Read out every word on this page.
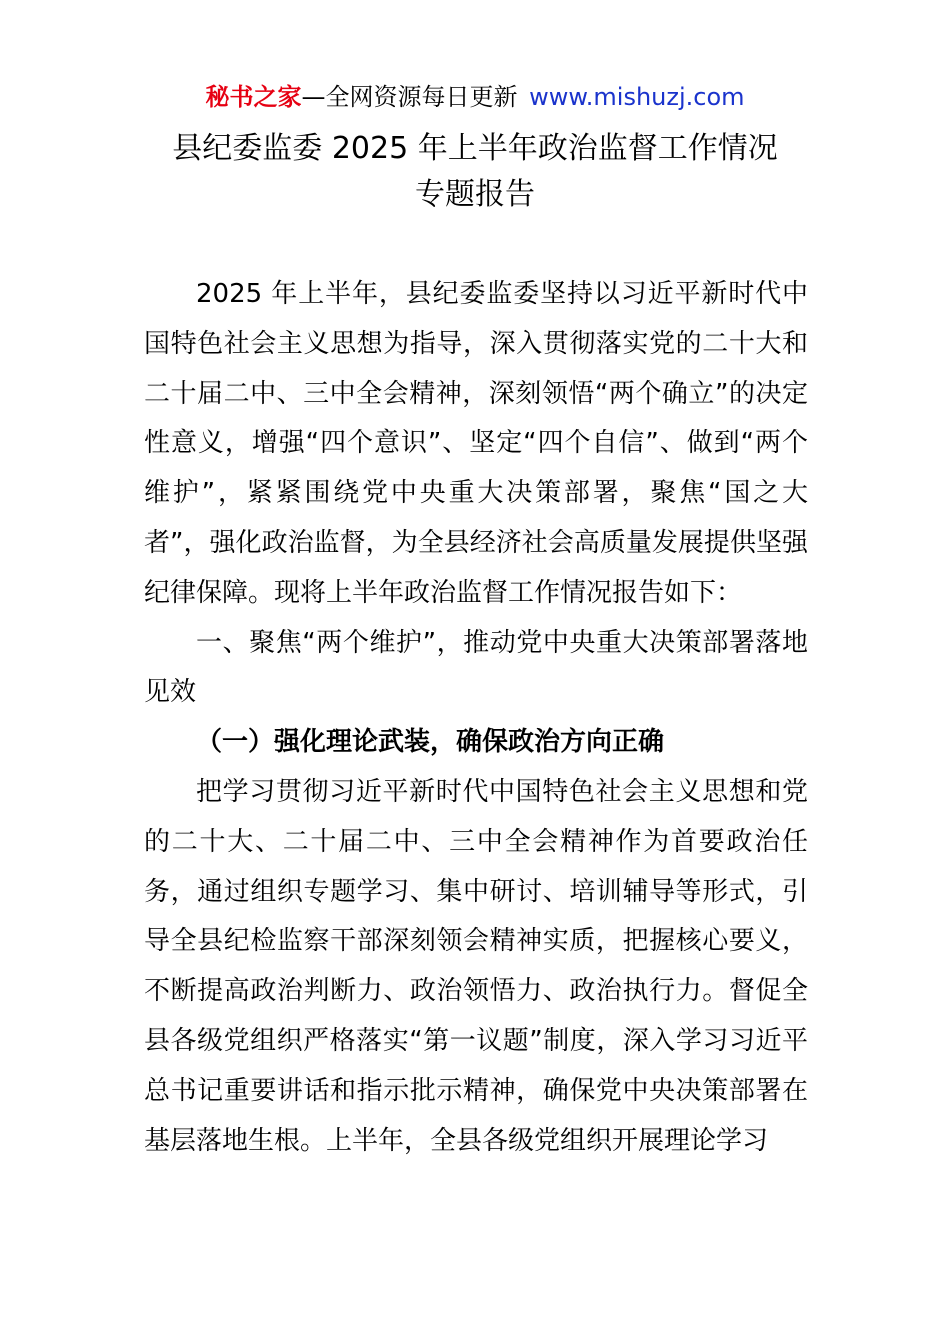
秘书之家—全网资源每日更新 www.mishuzj.com
县纪委监委 2025 年上半年政治监督工作情况
专题报告

2025 年上半年，县纪委监委坚持以习近平新时代中国特色社会主义思想为指导，深入贯彻落实党的二十大和二十届二中、三中全会精神，深刻领悟“两个确立”的决定性意义，增强“四个意识”、坚定“四个自信”、做到“两个维护”，紧紧围绕党中央重大决策部署，聚焦“国之大者”，强化政治监督，为全县经济社会高质量发展提供坚强纪律保障。现将上半年政治监督工作情况报告如下：

一、聚焦“两个维护”，推动党中央重大决策部署落地见效

（一）强化理论武装，确保政治方向正确

把学习贯彻习近平新时代中国特色社会主义思想和党的二十大、二十届二中、三中全会精神作为首要政治任务，通过组织专题学习、集中研讨、培训辅导等形式，引导全县纪检监察干部深刻领会精神实质，把握核心要义，不断提高政治判断力、政治领悟力、政治执行力。督促全县各级党组织严格落实“第一议题”制度，深入学习习近平总书记重要讲话和指示批示精神，确保党中央决策部署在基层落地生根。上半年，全县各级党组织开展理论学习
